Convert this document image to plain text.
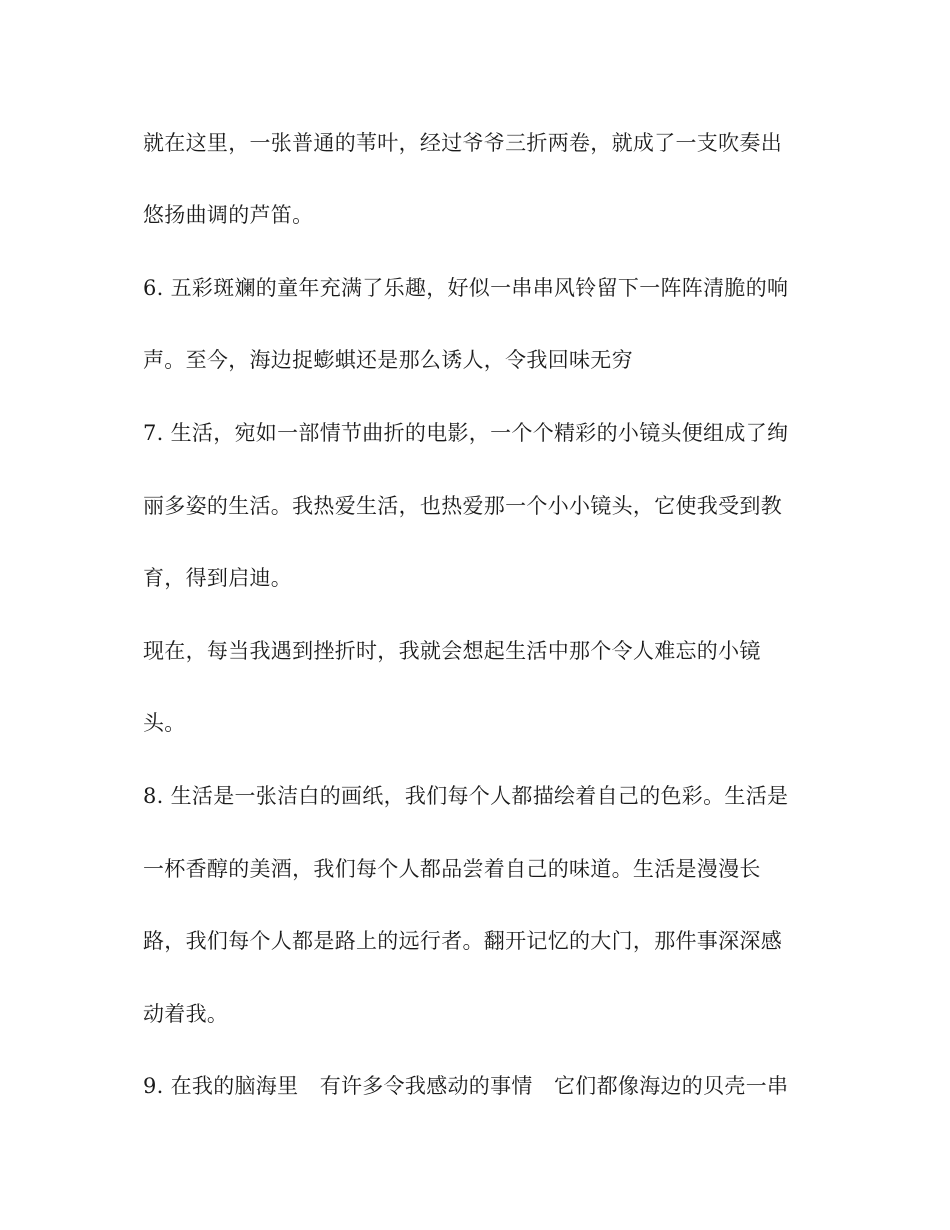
就在这里，一张普通的苇叶，经过爷爷三折两卷，就成了一支吹奏出
悠扬曲调的芦笛。
6. 五彩斑斓的童年充满了乐趣，好似一串串风铃留下一阵阵清脆的响
声。至今，海边捉蟛蜞还是那么诱人，令我回味无穷
7. 生活，宛如一部情节曲折的电影，一个个精彩的小镜头便组成了绚
丽多姿的生活。我热爱生活，也热爱那一个小小镜头，它使我受到教
育，得到启迪。
现在，每当我遇到挫折时，我就会想起生活中那个令人难忘的小镜
头。
8. 生活是一张洁白的画纸，我们每个人都描绘着自己的色彩。生活是
一杯香醇的美酒，我们每个人都品尝着自己的味道。生活是漫漫长
路，我们每个人都是路上的远行者。翻开记忆的大门，那件事深深感
动着我。
9. 在我的脑海里　有许多令我感动的事情　它们都像海边的贝壳一串
